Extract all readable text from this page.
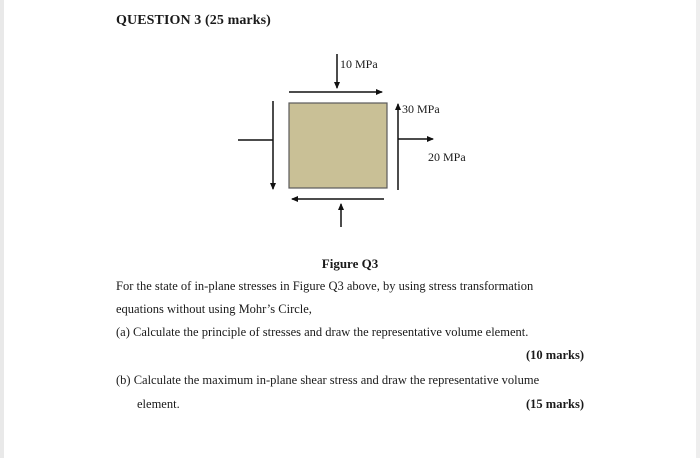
QUESTION 3 (25 marks)
10 MPa
30 MPa
20 MPa
Figure Q3
For the state of in-plane stresses in Figure Q3 above, by using stress transformation
equations without using Mohr’s Circle,
(a) Calculate the principle of stresses and draw the representative volume element.
(10 marks)
(b) Calculate the maximum in-plane shear stress and draw the representative volume
element.	(15 marks)
